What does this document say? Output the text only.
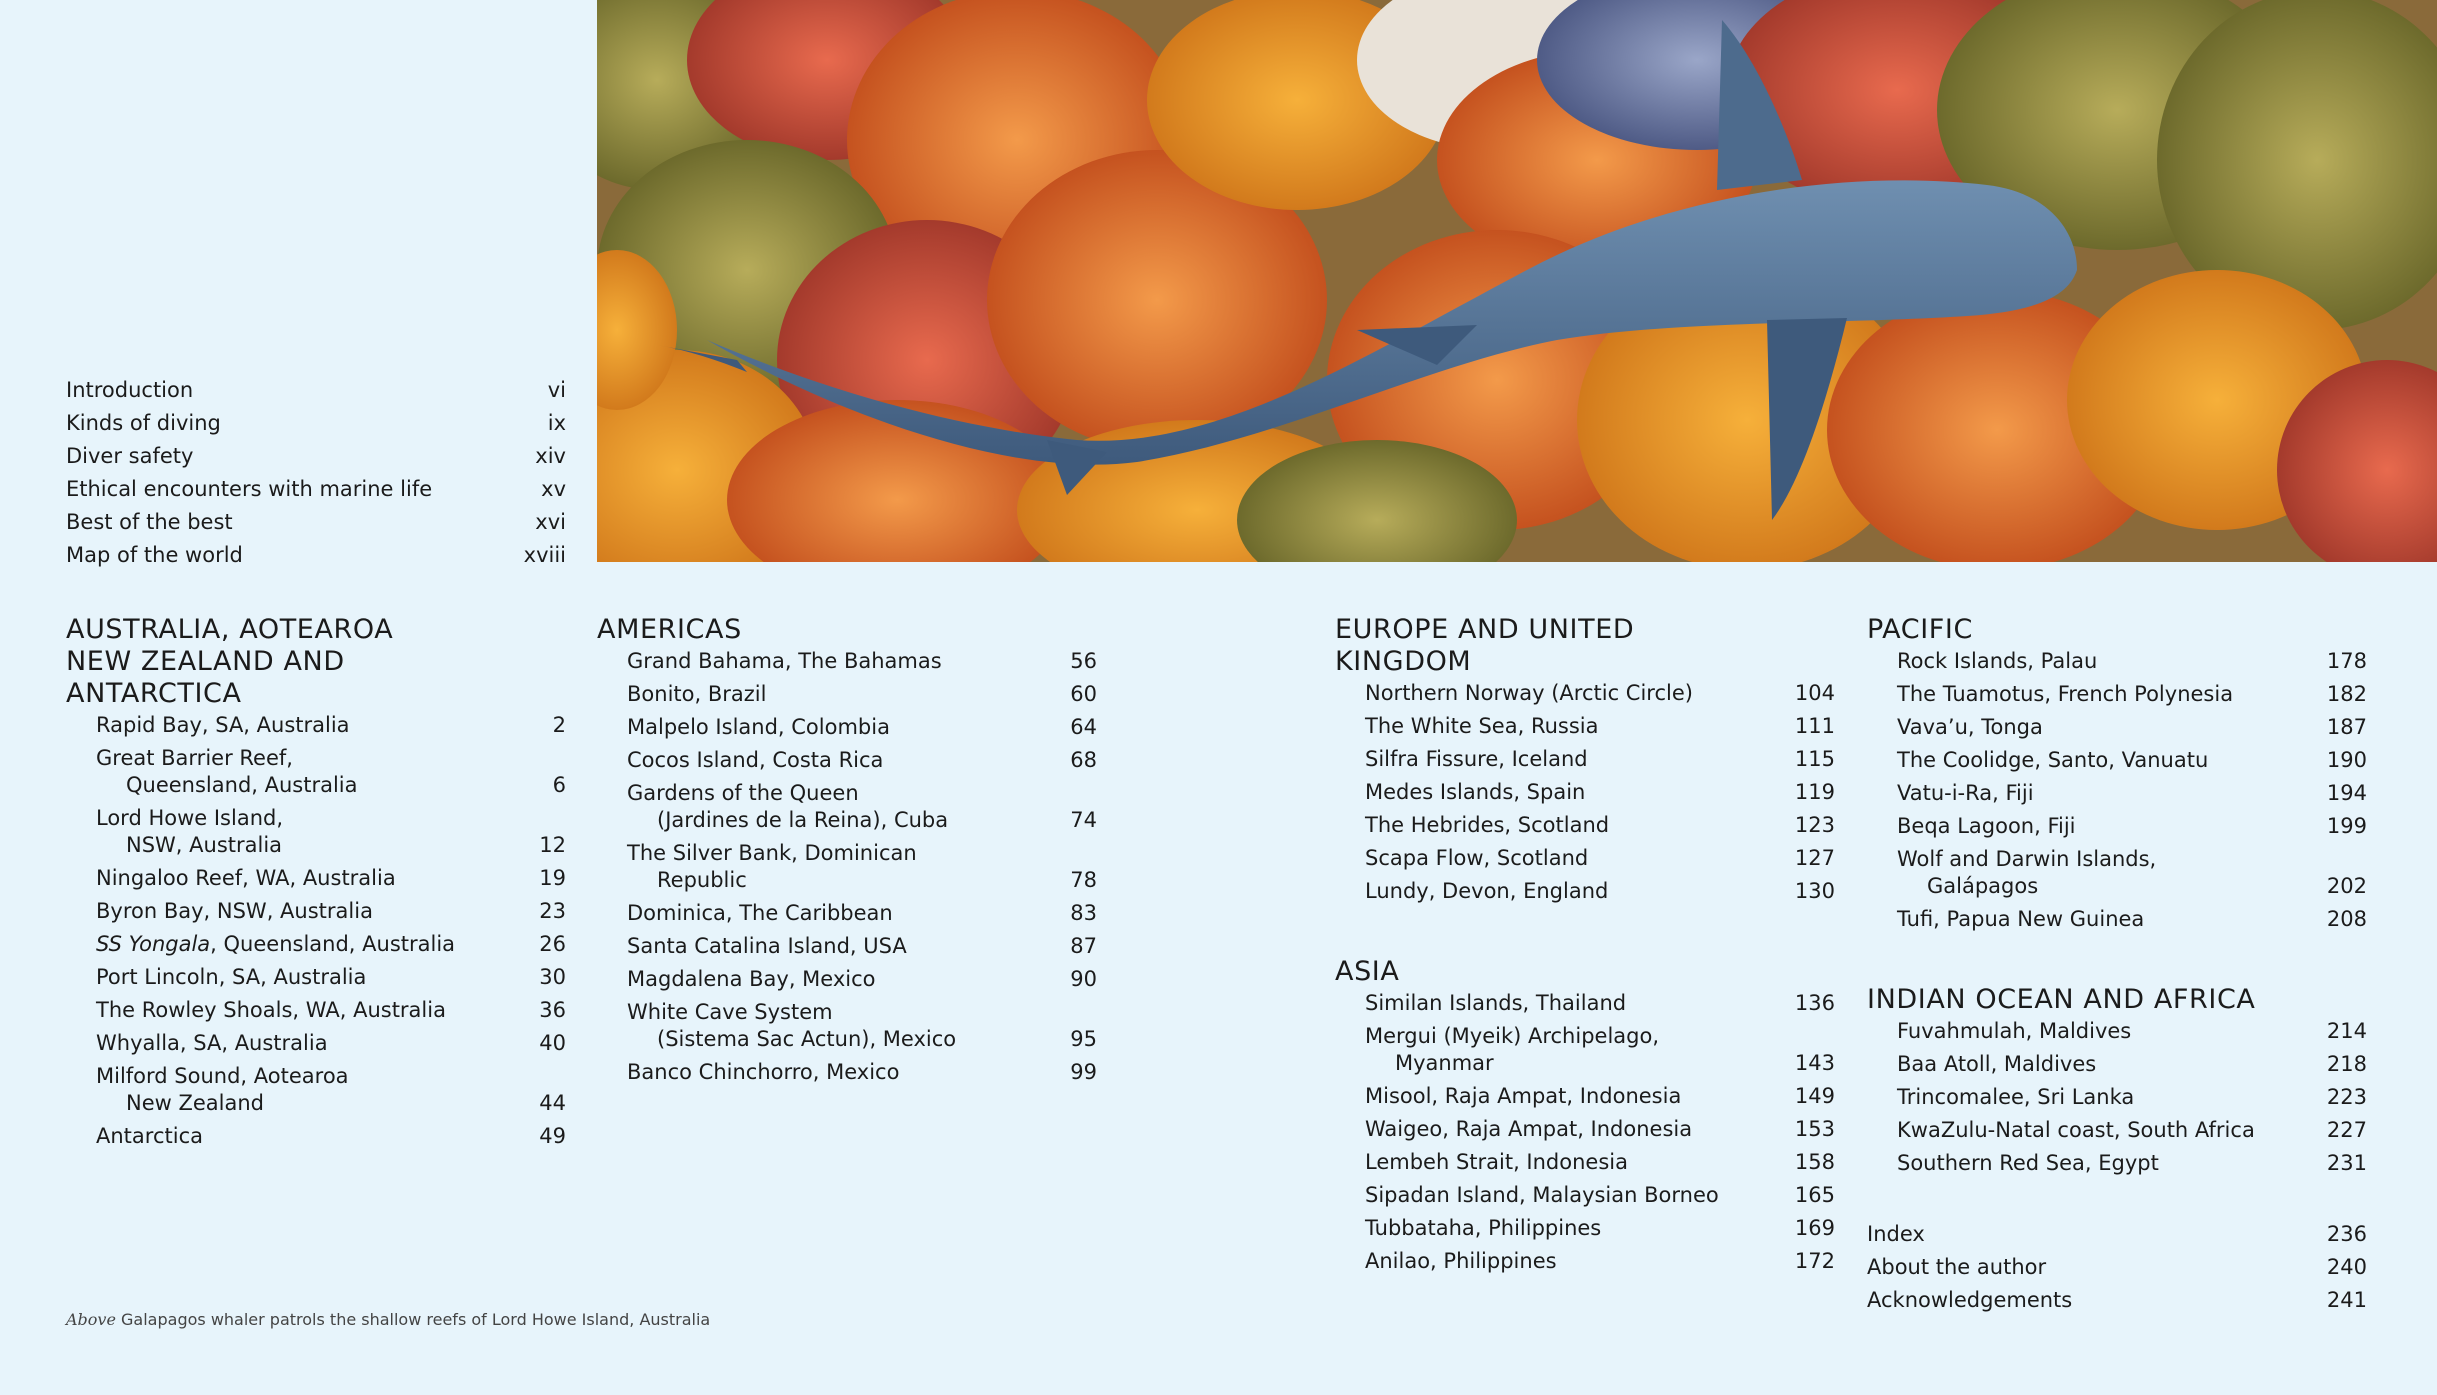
Introduction	vi
Kinds of diving	ix
Diver safety	xiv
Ethical encounters with marine life	xv
Best of the best	xvi
Map of the world	xviii
AUSTRALIA, AOTEAROA
NEW ZEALAND AND
ANTARCTICA
Rapid Bay, SA, Australia	2
Great Barrier Reef,
Queensland, Australia	6
Lord Howe Island,
NSW, Australia	12
Ningaloo Reef, WA, Australia	19
Byron Bay, NSW, Australia	23
SS Yongala, Queensland, Australia	26
Port Lincoln, SA, Australia	30
The Rowley Shoals, WA, Australia	36
Whyalla, SA, Australia	40
Milford Sound, Aotearoa
New Zealand	44
Antarctica	49
AMERICAS
Grand Bahama, The Bahamas	56
Bonito, Brazil	60
Malpelo Island, Colombia	64
Cocos Island, Costa Rica	68
Gardens of the Queen
(Jardines de la Reina), Cuba	74
The Silver Bank, Dominican
Republic	78
Dominica, The Caribbean	83
Santa Catalina Island, USA	87
Magdalena Bay, Mexico	90
White Cave System
(Sistema Sac Actun), Mexico	95
Banco Chinchorro, Mexico	99
EUROPE AND UNITED
KINGDOM
Northern Norway (Arctic Circle)	104
The White Sea, Russia	111
Silfra Fissure, Iceland	115
Medes Islands, Spain	119
The Hebrides, Scotland	123
Scapa Flow, Scotland	127
Lundy, Devon, England	130
ASIA
Similan Islands, Thailand	136
Mergui (Myeik) Archipelago,
Myanmar	143
Misool, Raja Ampat, Indonesia	149
Waigeo, Raja Ampat, Indonesia	153
Lembeh Strait, Indonesia	158
Sipadan Island, Malaysian Borneo	165
Tubbataha, Philippines	169
Anilao, Philippines	172
PACIFIC
Rock Islands, Palau	178
The Tuamotus, French Polynesia	182
Vava’u, Tonga	187
The Coolidge, Santo, Vanuatu	190
Vatu-i-Ra, Fiji	194
Beqa Lagoon, Fiji	199
Wolf and Darwin Islands,
Galápagos	202
Tufi, Papua New Guinea	208
INDIAN OCEAN AND AFRICA
Fuvahmulah, Maldives	214
Baa Atoll, Maldives	218
Trincomalee, Sri Lanka	223
KwaZulu-Natal coast, South Africa	227
Southern Red Sea, Egypt	231
Index	236
About the author	240
Acknowledgements	241
Above Galapagos whaler patrols the shallow reefs of Lord Howe Island, Australia
